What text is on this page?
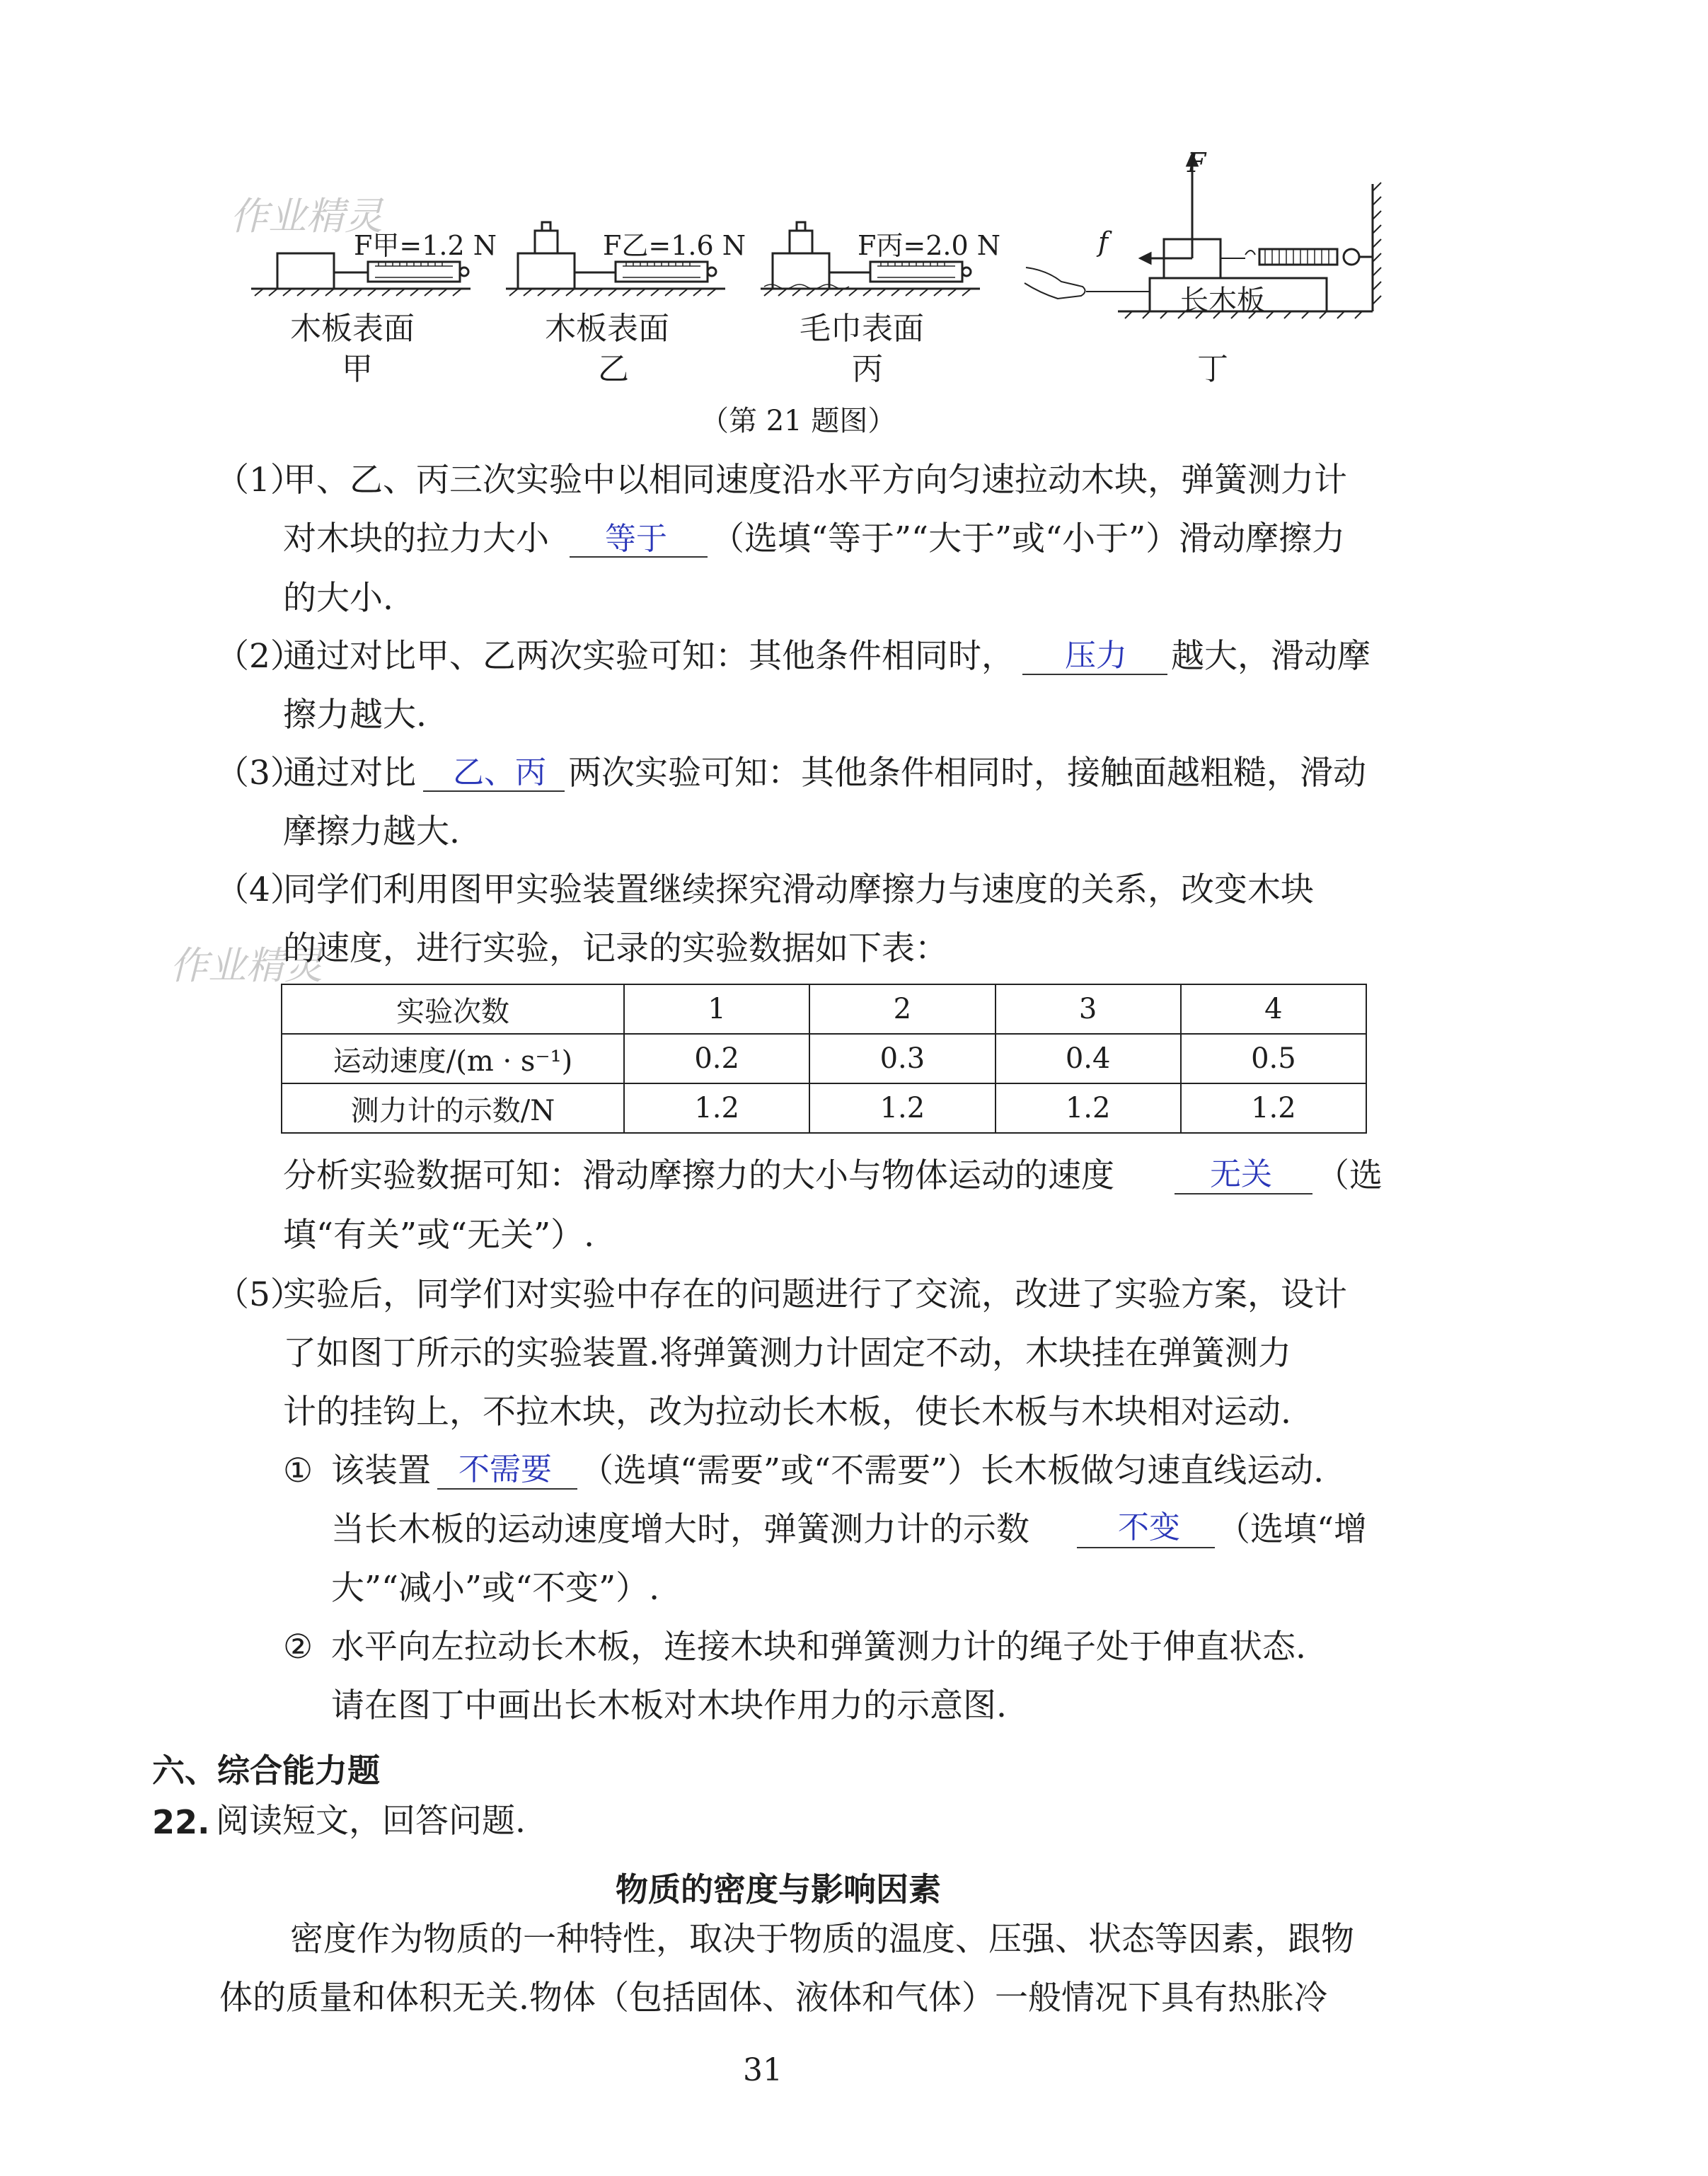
F甲=1.2 N	F乙=1.6 N	F丙=2.0 N
F
f
长木板
木板表面	木板表面	毛巾表面
甲	乙	丙	丁
（第 21 题图）
作业精灵
作业精灵
（1）
甲、乙、丙三次实验中以相同速度沿水平方向匀速拉动木块，弹簧测力计
对木块的拉力大小 等于 （选填“等于”“大于”或“小于”）滑动摩擦力
的大小.
（2）
通过对比甲、乙两次实验可知：其他条件相同时， 压力 越大，滑动摩
擦力越大.
（3）
通过对比 乙、丙 两次实验可知：其他条件相同时，接触面越粗糙，滑动
摩擦力越大.
（4）
同学们利用图甲实验装置继续探究滑动摩擦力与速度的关系，改变木块
的速度，进行实验，记录的实验数据如下表：
实验次数	1	2	3	4
运动速度/(m · s⁻¹)	0.2	0.3	0.4	0.5
测力计的示数/N	1.2	1.2	1.2	1.2
分析实验数据可知：滑动摩擦力的大小与物体运动的速度	无关 （选
填“有关”或“无关”）.
（5）
实验后，同学们对实验中存在的问题进行了交流，改进了实验方案，设计
了如图丁所示的实验装置.将弹簧测力计固定不动，木块挂在弹簧测力
计的挂钩上，不拉木块，改为拉动长木板，使长木板与木块相对运动.
① 该装置 不需要 （选填“需要”或“不需要”）长木板做匀速直线运动.
当长木板的运动速度增大时，弹簧测力计的示数	不变 （选填“增
大”“减小”或“不变”）.
② 水平向左拉动长木板，连接木块和弹簧测力计的绳子处于伸直状态.
请在图丁中画出长木板对木块作用力的示意图.
六、综合能力题
22. 阅读短文，回答问题.
物质的密度与影响因素
密度作为物质的一种特性，取决于物质的温度、压强、状态等因素，跟物
体的质量和体积无关.物体（包括固体、液体和气体）一般情况下具有热胀冷
31
